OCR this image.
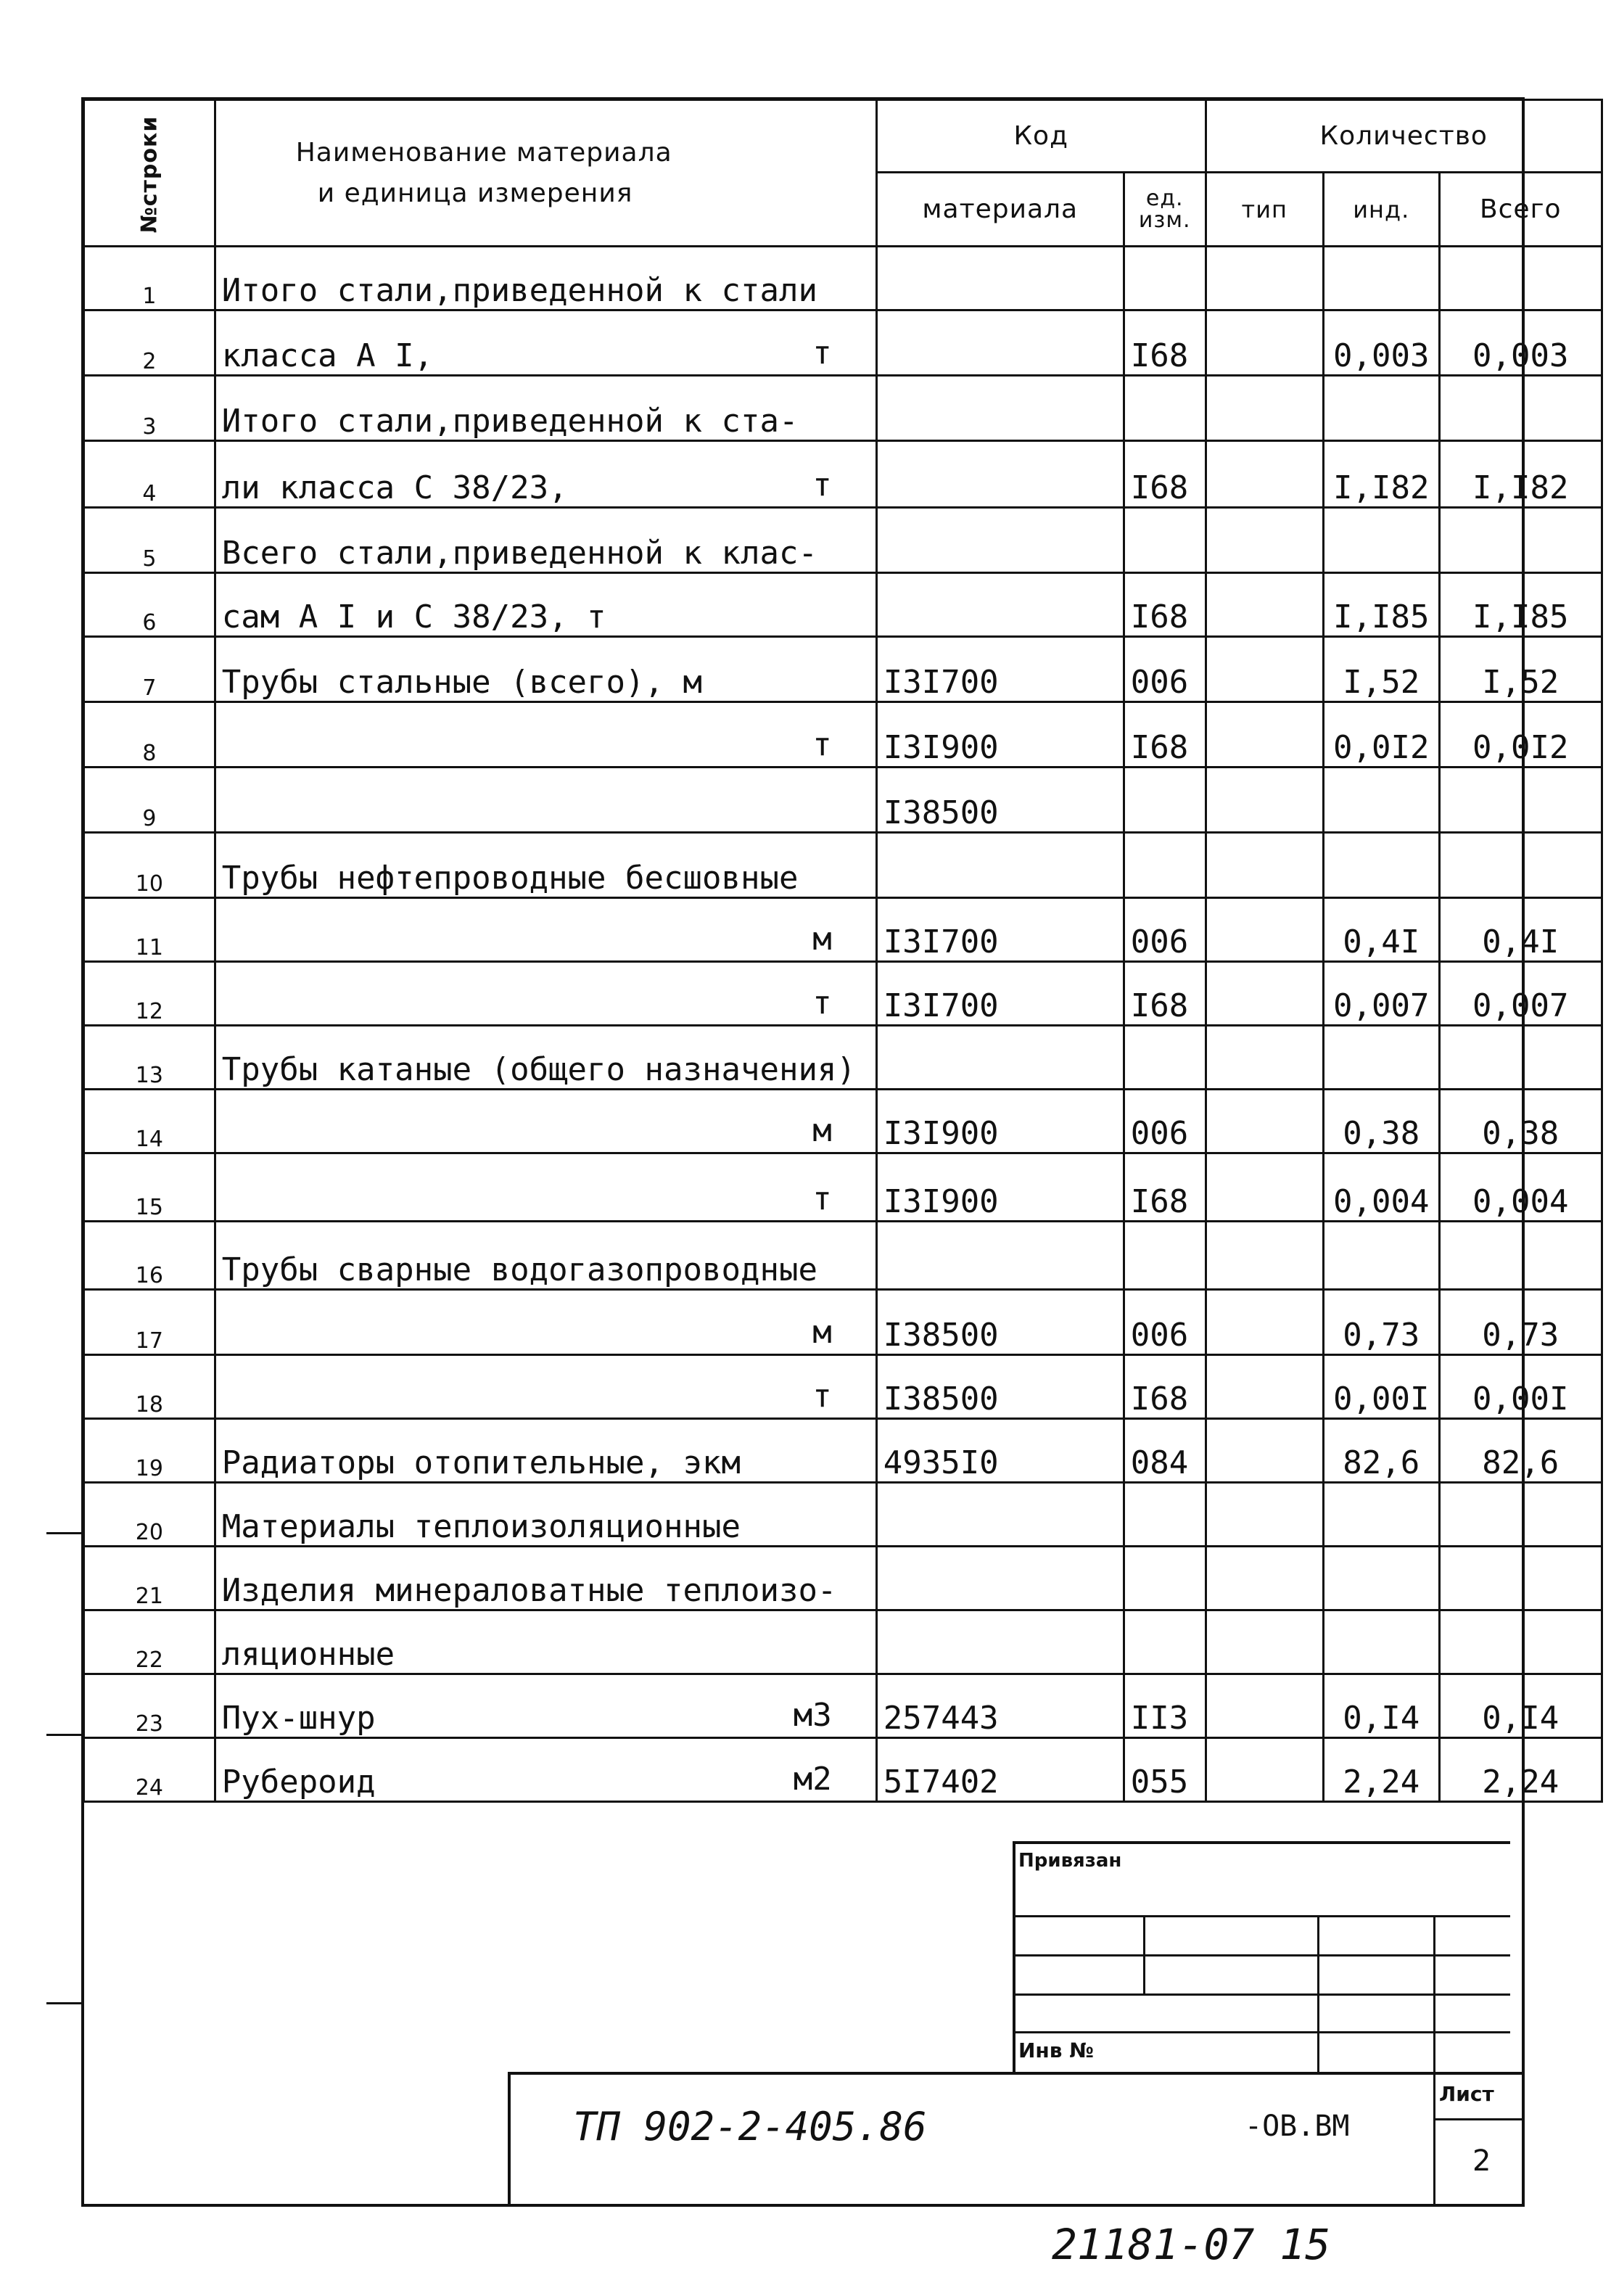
№строки	Наименование материала
и единица измерения	Код		Количество		
		материала	ед. изм.	тип	инд.	Всего
1	Итого стали,приведенной к стали

2	класса А I, т		I68		0,003	0,003
3	Итого стали,приведенной к ста-

4	ли класса С 38/23, т		I68		I,I82	I,I82
5	Всего стали,приведенной к клас-

6	сам А I и С 38/23, т		I68		I,I85	I,I85
7	Трубы стальные (всего), м	I3I700	006		I,52	I,52
8	т	I3I900	I68		0,0I2	0,0I2
9		I38500				
10	Трубы нефтепроводные бесшовные

11	м	I3I700	006		0,4I	0,4I
12	т	I3I700	I68		0,007	0,007
13	Трубы катаные (общего назначения)

14	м	I3I900	006		0,38	0,38
15	т	I3I900	I68		0,004	0,004
16	Трубы сварные водогазопроводные

17	м	I38500	006		0,73	0,73
18	т	I38500	I68		0,00I	0,00I
19	Радиаторы отопительные, экм	4935I0	084		82,6	82,6
20	Материалы теплоизоляционные

21	Изделия минераловатные теплоизо-

22	ляционные

23	Пух-шнур м3	257443	II3		0,I4	0,I4
24	Рубероид м2	5I7402	055		2,24	2,24
Привязан
Инв №
ТП 902-2-405.86	-ОВ.ВМ
Лист
2
21181-07 15
